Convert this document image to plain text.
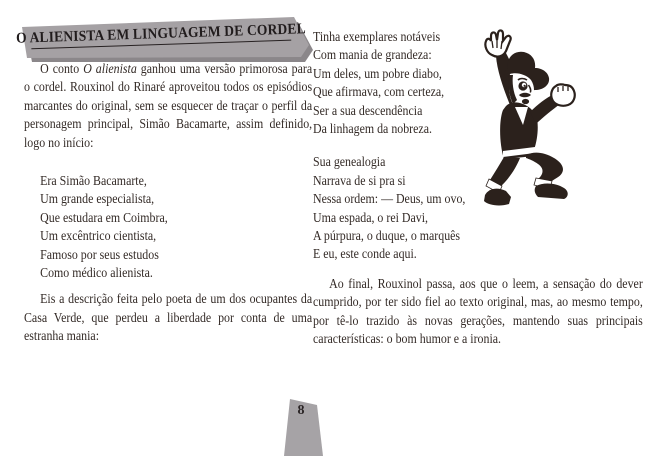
O ALIENISTA EM LINGUAGEM DE CORDEL

O conto O alienista ganhou uma versão primorosa para o cordel. Rouxinol do Rinaré aproveitou todos os episódios marcantes do original, sem se esquecer de traçar o perfil da personagem principal, Simão Bacamarte, assim definido, logo no início:

Era Simão Bacamarte,
Um grande especialista,
Que estudara em Coimbra,
Um excêntrico cientista,
Famoso por seus estudos
Como médico alienista.

Eis a descrição feita pelo poeta de um dos ocupantes da Casa Verde, que perdeu a liberdade por conta de uma estranha mania:

Tinha exemplares notáveis
Com mania de grandeza:
Um deles, um pobre diabo,
Que afirmava, com certeza,
Ser a sua descendência
Da linhagem da nobreza.
Sua genealogia
Narrava de si pra si
Nessa ordem: — Deus, um ovo,
Uma espada, o rei Davi,
A púrpura, o duque, o marquês
E eu, este conde aqui.

Ao final, Rouxinol passa, aos que o leem, a sensação do dever cumprido, por ter sido fiel ao texto original, mas, ao mesmo tempo, por tê-lo trazido às novas gerações, mantendo suas principais características: o bom humor e a ironia.

8
